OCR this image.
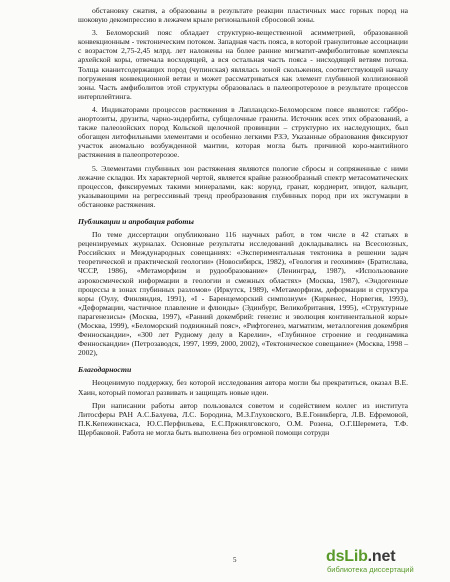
обстановку сжатия, а образованы в результате реакции пластичных масс горных пород на шоковую декомпрессию в лежачем крыле региональной сбросовой зоны.

3. Беломорский пояс обладает структурно-вещественной асимметрией, образованной конвекционным - тектоническим потоком. Западная часть пояса, в которой гранулитовые ассоциации с возрастом 2,75-2,45 млрд. лет наложены на более ранние мигматит-амфиболитовые комплексы архейской коры, отвечала восходящей, а вся остальная часть пояса - нисходящей ветвям потока. Толща кианитсодержащих пород (чупинская) являлась зоной скольжения, соответствующей началу погружения конвекционной ветви и может рассматриваться как элемент глубинной коллизионной зоны. Часть амфиболитов этой структуры образовалась в палеопротерозое в результате процессов интерплейтинга.

4. Индикаторами процессов растяжения в Лапландско-Беломорском поясе являются: габбро-анортозиты, друзиты, чарно-эндербиты, субщелочные граниты. Источник всех этих образований, а также палеозойских пород Кольской щелочной провинции – структурно их наследующих, был обогащен литофильными элементами и особенно легкими РЗЭ, Указанные образования фиксируют участок аномально возбужденной мантии, которая могла быть причиной коро-мантийного растяжения в палеопротерозое.

5. Элементами глубинных зон растяжения являются пологие сбросы и сопряженные с ними лежачие складки. Их характерной чертой, является крайне разнообразный спектр метасоматических процессов, фиксируемых такими минералами, как: корунд, гранат, кордиерит, эпидот, кальцит, указывающими на регрессивный тренд преобразования глубинных пород при их эксгумации в обстановке растяжения.

Публикации и апробация работы

По теме диссертации опубликовано 116 научных работ, в том числе в 42 статьях в рецензируемых журналах. Основные результаты исследований докладывались на Всесоюзных, Российских и Международных совещаниях: «Экспериментальная тектоника в решении задач теоретической и практической геологии» (Новосибирск, 1982), «Геология и геохимия» (Братислава, ЧССР, 1986), «Метаморфизм и рудообразование» (Ленинград, 1987), «Использование аэрокосмической информации в геологии и смежных областях» (Москва, 1987), «Эндогенные процессы в зонах глубинных разломов» (Иркутск, 1989), «Метаморфизм, деформации и структура коры (Оулу, Финляндия, 1991), «I - Баренцеморский симпозиум» (Киркенес, Норвегия, 1993), «Деформации, частичное плавление и флюиды» (Эдинбург, Великобритания, 1995), «Структурные парагенезисы» (Москва, 1997), «Ранний докембрий: генезис и эволюция континентальной коры» (Москва, 1999), «Беломорский подвижный пояс», «Рифтогенез, магматизм, металлогения докембрия Фенноскандии», «300 лет Рудному делу в Карелии», «Глубинное строение и геодинамика Фенноскандии» (Петрозаводск, 1997, 1999, 2000, 2002), «Тектоническое совещание» (Москва, 1998 – 2002),

Благодарности

Неоценимую поддержку, без которой исследования автора могли бы прекратиться, оказал В.Е. Хаин, который помогал развивать и защищать новые идеи.

При написании работы автор пользовался советом и содействием коллег из института Литосферы РАН А.С.Балуева, Л.С. Бородина, М.З.Глуховского, В.Е.Гоникберга, Л.В. Ефремовой, П.К.Кепежинскаса, Ю.С.Перфильева, Е.С.Пржиялговского, О.М. Розена, О.Г.Шеремета, Т.Ф. Щербаковой. Работа не могла быть выполнена без огромной помощи сотрудн

5	dsLib.net
библиотека диссертаций
